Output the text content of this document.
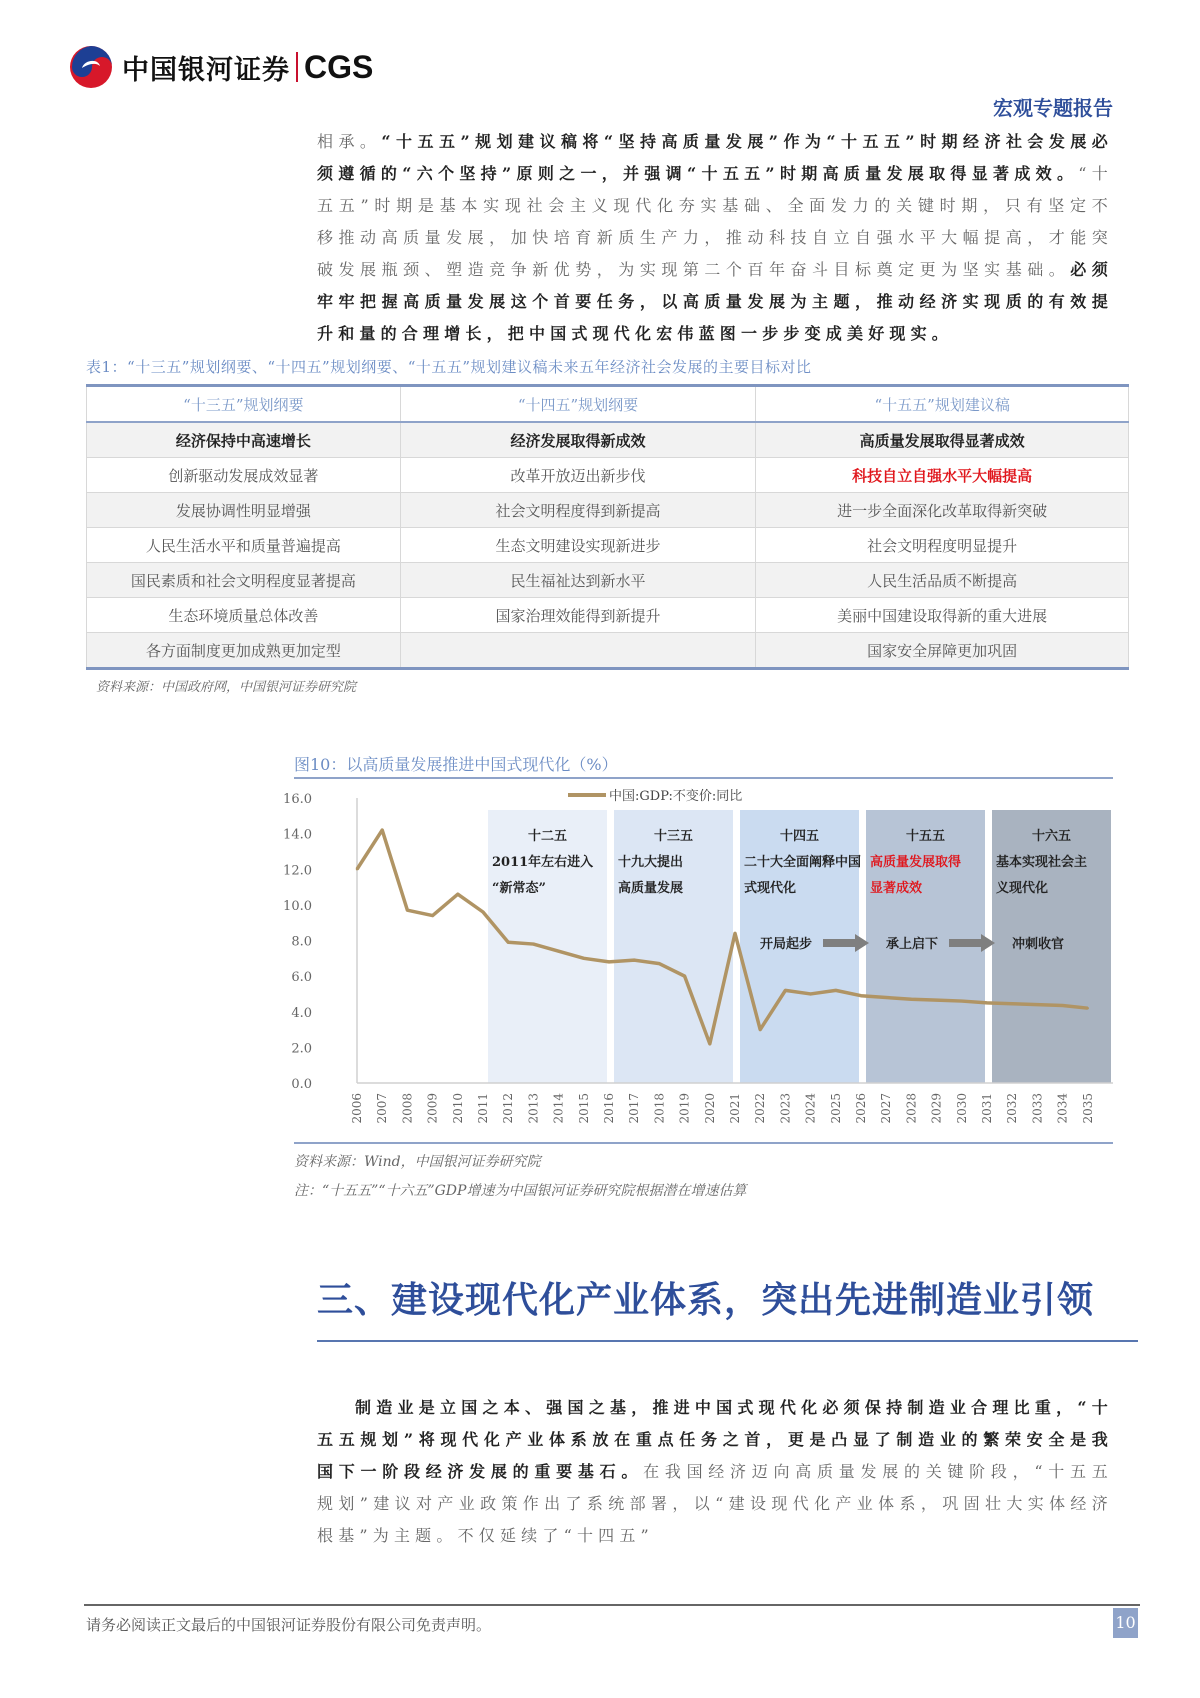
中国银河证券 CGS
宏观专题报告
相承。“十五五”规划建议稿将“坚持高质量发展”作为“十五五”时期经济社会发展必须遵循的“六个坚持”原则之一，并强调“十五五”时期高质量发展取得显著成效。“十五五”时期是基本实现社会主义现代化夯实基础、全面发力的关键时期，只有坚定不移推动高质量发展，加快培育新质生产力，推动科技自立自强水平大幅提高，才能突破发展瓶颈、塑造竞争新优势，为实现第二个百年奋斗目标奠定更为坚实基础。必须牢牢把握高质量发展这个首要任务，以高质量发展为主题，推动经济实现质的有效提升和量的合理增长，把中国式现代化宏伟蓝图一步步变成美好现实。
表1：“十三五”规划纲要、“十四五”规划纲要、“十五五”规划建议稿未来五年经济社会发展的主要目标对比
“十三五”规划纲要	“十四五”规划纲要	“十五五”规划建议稿
经济保持中高速增长	经济发展取得新成效	高质量发展取得显著成效
创新驱动发展成效显著	改革开放迈出新步伐	科技自立自强水平大幅提高
发展协调性明显增强	社会文明程度得到新提高	进一步全面深化改革取得新突破
人民生活水平和质量普遍提高	生态文明建设实现新进步	社会文明程度明显提升
国民素质和社会文明程度显著提高	民生福祉达到新水平	人民生活品质不断提高
生态环境质量总体改善	国家治理效能得到新提升	美丽中国建设取得新的重大进展
各方面制度更加成熟更加定型		国家安全屏障更加巩固
资料来源：中国政府网，中国银河证券研究院
图10：以高质量发展推进中国式现代化（%）
十二五
2011年左右进入
“新常态”
十三五
十九大提出
高质量发展
十四五
二十大全面阐释中国
式现代化
开局起步
十五五
高质量发展取得
显著成效
承上启下
十六五
基本实现社会主
义现代化
冲刺收官
0.0
2.0
4.0
6.0
8.0
10.0
12.0
14.0
16.0
2006 2007 2008 2009 2010 2011 2012 2013 2014 2015 2016 2017 2018 2019 2020 2021 2022 2023 2024 2025 2026 2027 2028 2029 2030 2031 2032 2033 2034 2035
中国:GDP:不变价:同比
资料来源：Wind，中国银河证券研究院
注：“十五五”“十六五”GDP增速为中国银河证券研究院根据潜在增速估算
三、建设现代化产业体系，突出先进制造业引领
制造业是立国之本、强国之基，推进中国式现代化必须保持制造业合理比重，“十五五规划”将现代化产业体系放在重点任务之首，更是凸显了制造业的繁荣安全是我国下一阶段经济发展的重要基石。在我国经济迈向高质量发展的关键阶段，“十五五规划”建议对产业政策作出了系统部署，以“建设现代化产业体系，巩固壮大实体经济根基”为主题。不仅延续了“十四五”
请务必阅读正文最后的中国银河证券股份有限公司免责声明。	10
